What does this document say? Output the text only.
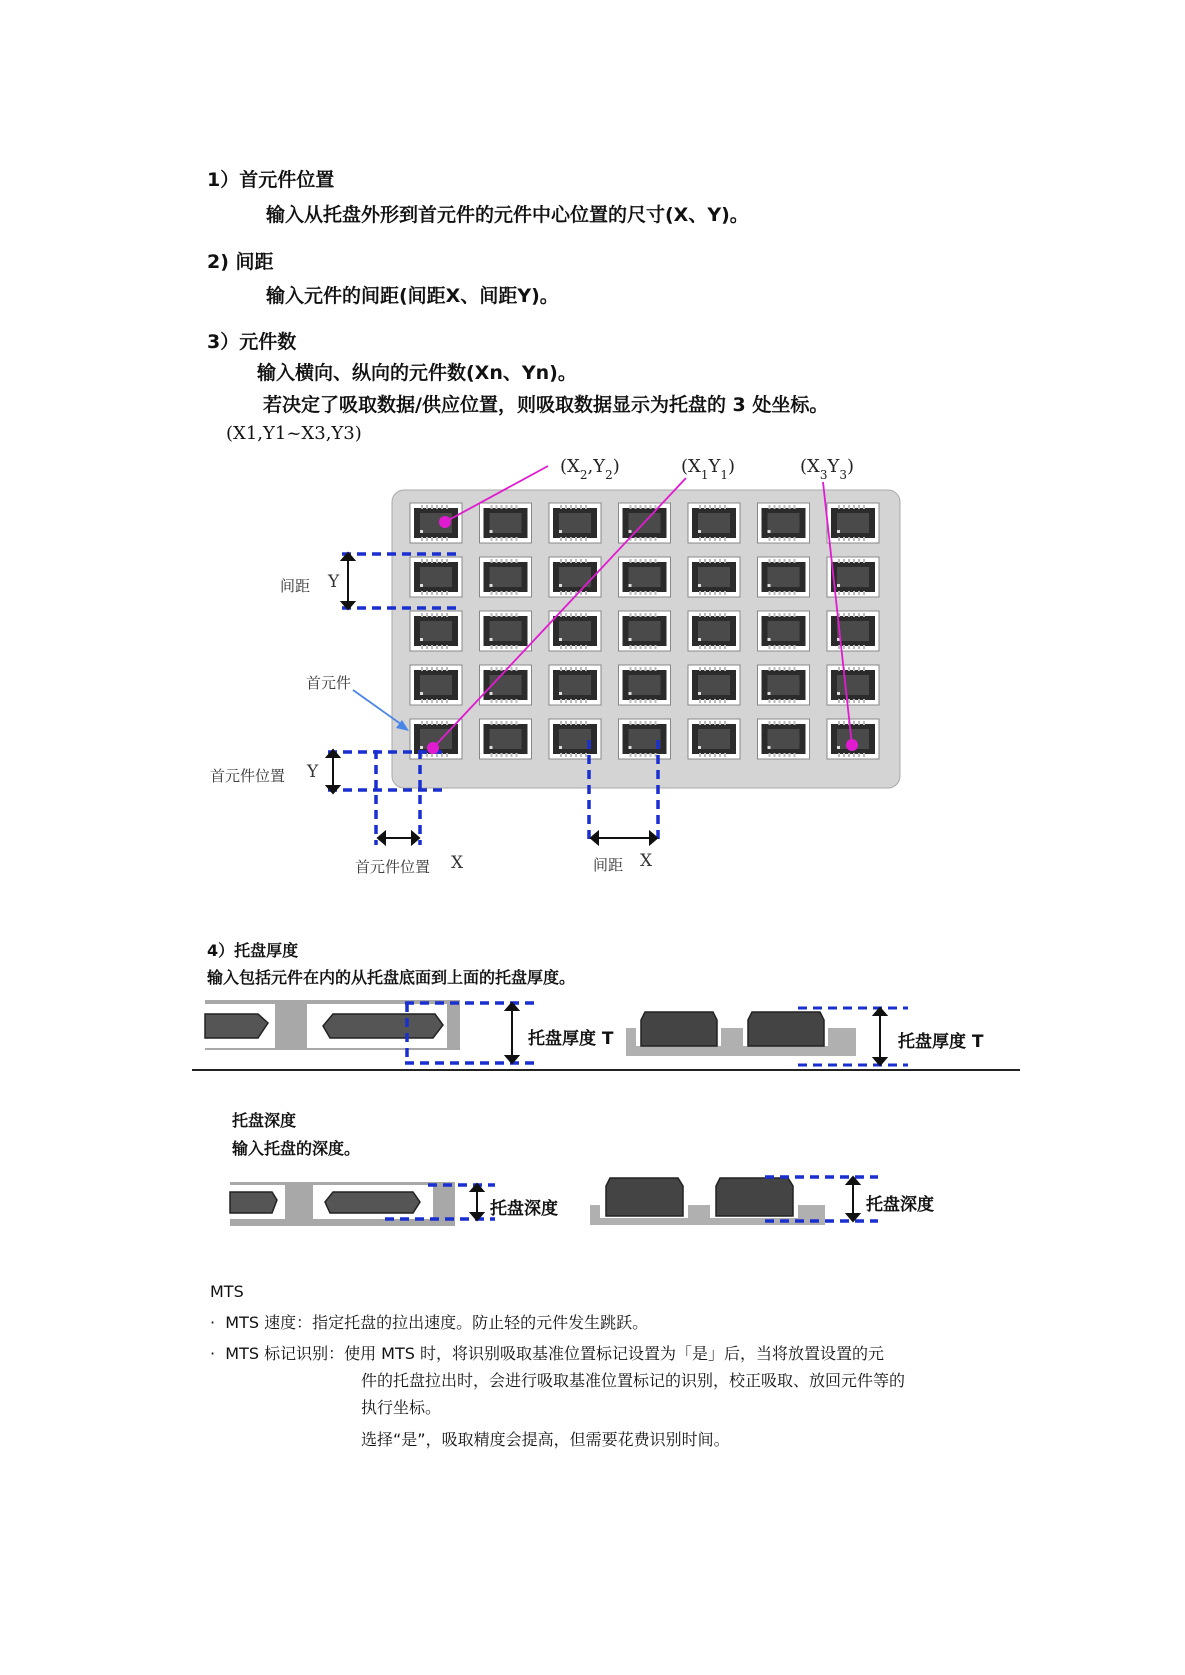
1）首元件位置
输入从托盘外形到首元件的元件中心位置的尺寸(X、Y)。
2) 间距
输入元件的间距(间距X、间距Y)。
3）元件数
输入横向、纵向的元件数(Xn、Yn)。
若决定了吸取数据/供应位置，则吸取数据显示为托盘的 3 处坐标。
(X1,Y1~X3,Y3)
$(X_2,Y_2)$	$(X_1Y_1)$	$(X_3Y_3)$
间距 Y
首元件
首元件位置 Y
首元件位置 X	间距 X
4）托盘厚度
输入包括元件在内的从托盘底面到上面的托盘厚度。
托盘厚度 T	托盘厚度 T
托盘深度
输入托盘的深度。
托盘深度	托盘深度
MTS
·  MTS 速度：指定托盘的拉出速度。防止轻的元件发生跳跃。
·  MTS 标记识别：使用 MTS 时，将识别吸取基准位置标记设置为「是」后，当将放置设置的元
件的托盘拉出时，会进行吸取基准位置标记的识别，校正吸取、放回元件等的
执行坐标。
选择“是”，吸取精度会提高，但需要花费识别时间。
